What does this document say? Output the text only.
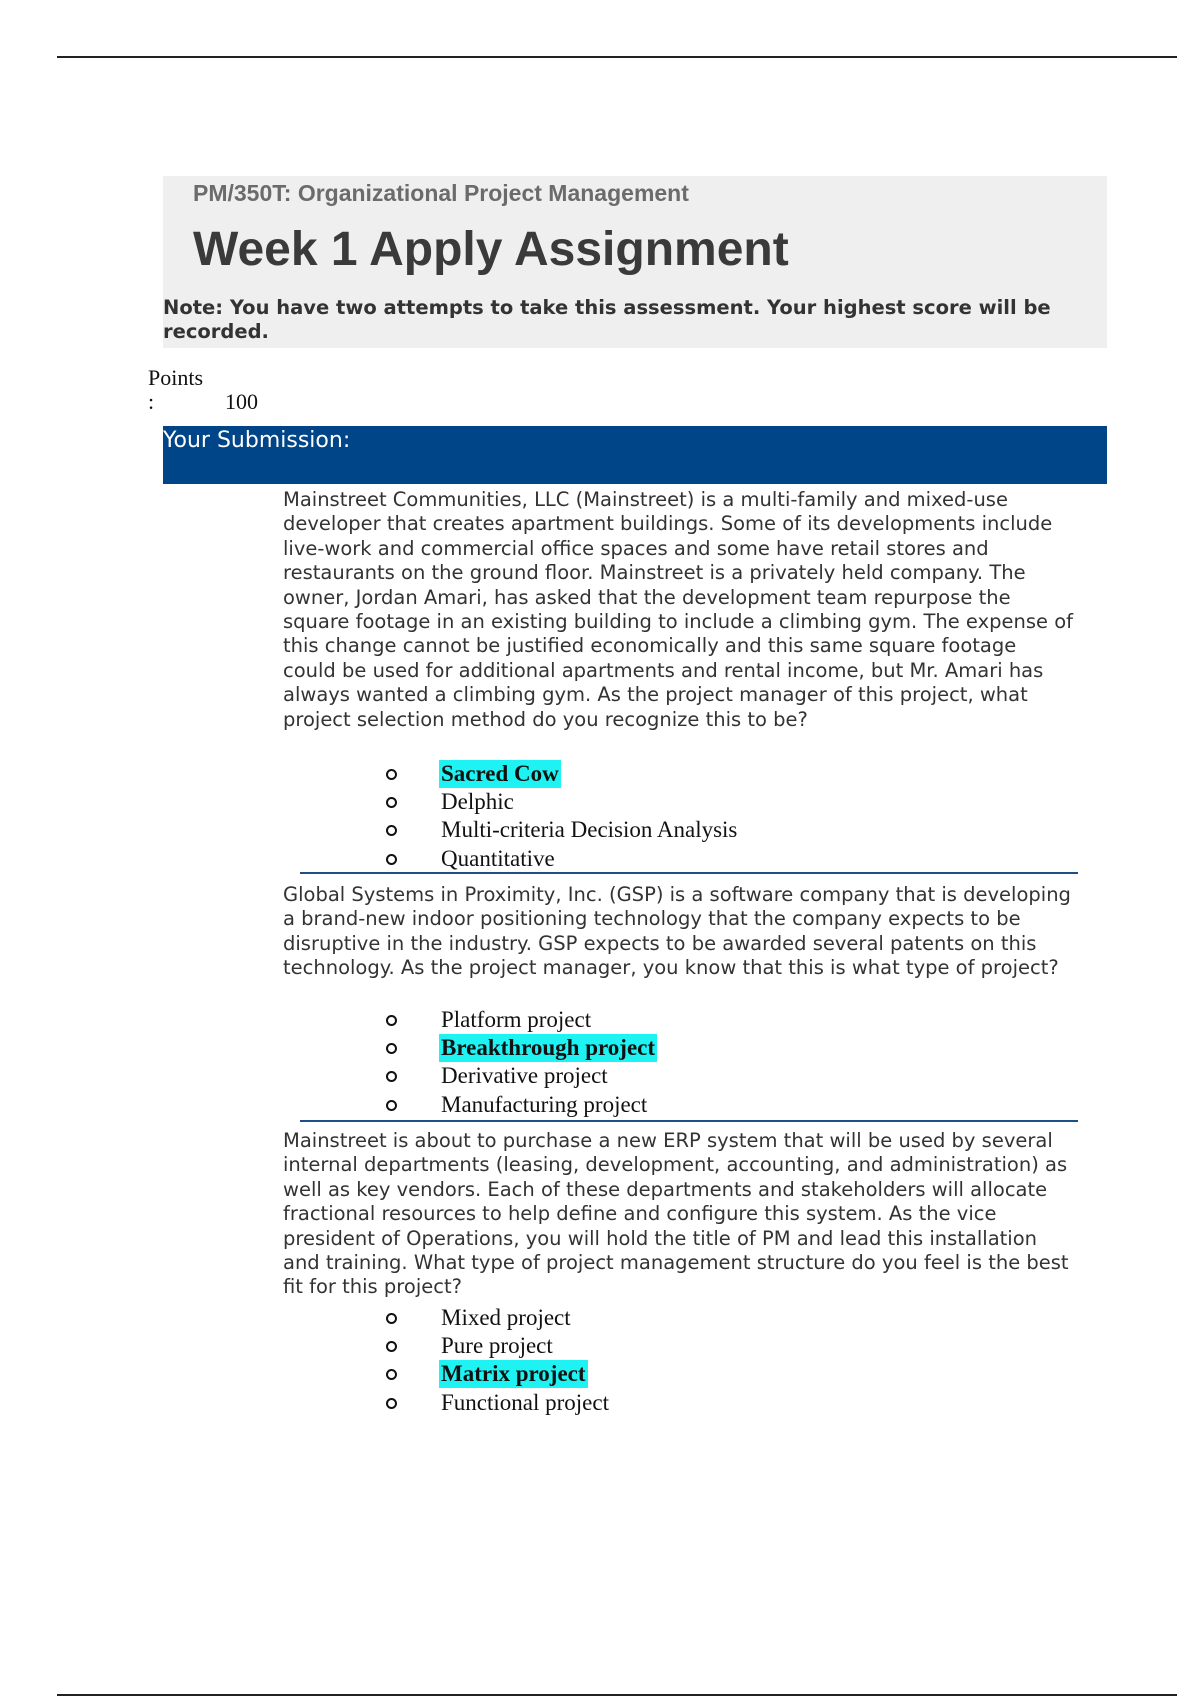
PM/350T: Organizational Project Management
Week 1 Apply Assignment
Note: You have two attempts to take this assessment. Your highest score will be recorded.
Points
:	100
Your Submission:
Mainstreet Communities, LLC (Mainstreet) is a multi-family and mixed-use developer that creates apartment buildings. Some of its developments include live-work and commercial office spaces and some have retail stores and restaurants on the ground floor. Mainstreet is a privately held company. The owner, Jordan Amari, has asked that the development team repurpose the square footage in an existing building to include a climbing gym. The expense of this change cannot be justified economically and this same square footage could be used for additional apartments and rental income, but Mr. Amari has always wanted a climbing gym. As the project manager of this project, what project selection method do you recognize this to be?
Sacred Cow
Delphic
Multi-criteria Decision Analysis
Quantitative
Global Systems in Proximity, Inc. (GSP) is a software company that is developing a brand-new indoor positioning technology that the company expects to be disruptive in the industry. GSP expects to be awarded several patents on this technology. As the project manager, you know that this is what type of project?
Platform project
Breakthrough project
Derivative project
Manufacturing project
Mainstreet is about to purchase a new ERP system that will be used by several internal departments (leasing, development, accounting, and administration) as well as key vendors. Each of these departments and stakeholders will allocate fractional resources to help define and configure this system. As the vice president of Operations, you will hold the title of PM and lead this installation and training. What type of project management structure do you feel is the best fit for this project?
Mixed project
Pure project
Matrix project
Functional project
